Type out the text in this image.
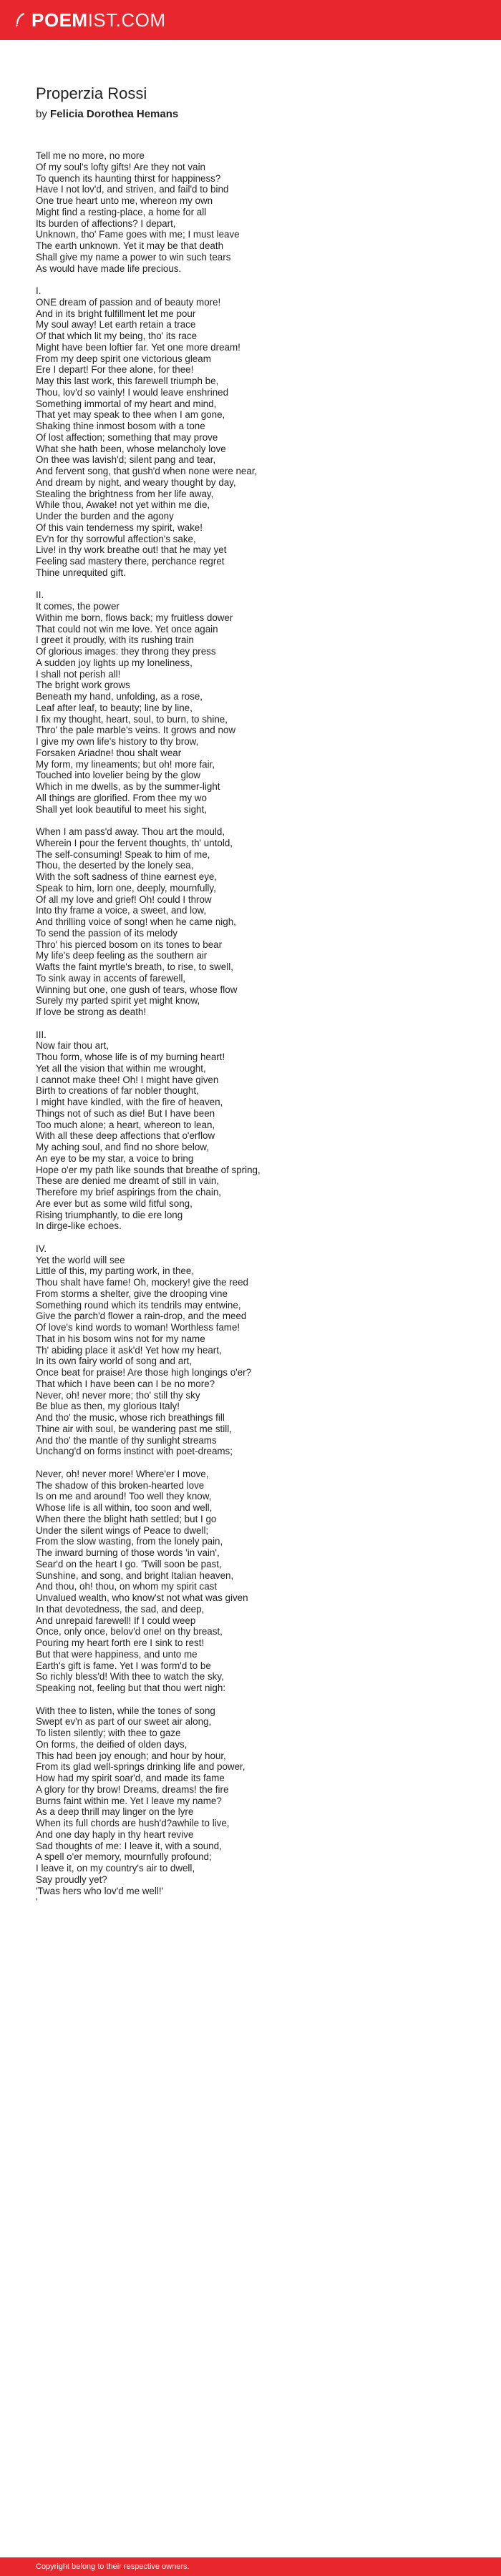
POEM IST.COM
Properzia Rossi

by Felicia Dorothea Hemans

Tell me no more, no more
Of my soul's lofty gifts! Are they not vain
To quench its haunting thirst for happiness?
Have I not lov'd, and striven, and fail'd to bind
One true heart unto me, whereon my own
Might find a resting-place, a home for all
Its burden of affections? I depart,
Unknown, tho' Fame goes with me; I must leave
The earth unknown. Yet it may be that death
Shall give my name a power to win such tears
As would have made life precious.
I.
ONE dream of passion and of beauty more!
And in its bright fulfillment let me pour
My soul away! Let earth retain a trace
Of that which lit my being, tho' its race
Might have been loftier far. Yet one more dream!
From my deep spirit one victorious gleam
Ere I depart! For thee alone, for thee!
May this last work, this farewell triumph be,
Thou, lov'd so vainly! I would leave enshrined
Something immortal of my heart and mind,
That yet may speak to thee when I am gone,
Shaking thine inmost bosom with a tone
Of lost affection; something that may prove
What she hath been, whose melancholy love
On thee was lavish'd; silent pang and tear,
And fervent song, that gush'd when none were near,
And dream by night, and weary thought by day,
Stealing the brightness from her life away,
While thou, Awake! not yet within me die,
Under the burden and the agony
Of this vain tenderness my spirit, wake!
Ev'n for thy sorrowful affection's sake,
Live! in thy work breathe out! that he may yet
Feeling sad mastery there, perchance regret
Thine unrequited gift.
II.
It comes, the power
Within me born, flows back; my fruitless dower
That could not win me love. Yet once again
I greet it proudly, with its rushing train
Of glorious images: they throng they press
A sudden joy lights up my loneliness,
I shall not perish all!
The bright work grows
Beneath my hand, unfolding, as a rose,
Leaf after leaf, to beauty; line by line,
I fix my thought, heart, soul, to burn, to shine,
Thro' the pale marble's veins. It grows and now
I give my own life's history to thy brow,
Forsaken Ariadne! thou shalt wear
My form, my lineaments; but oh! more fair,
Touched into lovelier being by the glow
Which in me dwells, as by the summer-light
All things are glorified. From thee my wo
Shall yet look beautiful to meet his sight,
When I am pass'd away. Thou art the mould,
Wherein I pour the fervent thoughts, th' untold,
The self-consuming! Speak to him of me,
Thou, the deserted by the lonely sea,
With the soft sadness of thine earnest eye,
Speak to him, lorn one, deeply, mournfully,
Of all my love and grief! Oh! could I throw
Into thy frame a voice, a sweet, and low,
And thrilling voice of song! when he came nigh,
To send the passion of its melody
Thro' his pierced bosom on its tones to bear
My life's deep feeling as the southern air
Wafts the faint myrtle's breath, to rise, to swell,
To sink away in accents of farewell,
Winning but one, one gush of tears, whose flow
Surely my parted spirit yet might know,
If love be strong as death!
III.
Now fair thou art,
Thou form, whose life is of my burning heart!
Yet all the vision that within me wrought,
I cannot make thee! Oh! I might have given
Birth to creations of far nobler thought,
I might have kindled, with the fire of heaven,
Things not of such as die! But I have been
Too much alone; a heart, whereon to lean,
With all these deep affections that o'erflow
My aching soul, and find no shore below,
An eye to be my star, a voice to bring
Hope o'er my path like sounds that breathe of spring,
These are denied me dreamt of still in vain,
Therefore my brief aspirings from the chain,
Are ever but as some wild fitful song,
Rising triumphantly, to die ere long
In dirge-like echoes.
IV.
Yet the world will see
Little of this, my parting work, in thee,
Thou shalt have fame! Oh, mockery! give the reed
From storms a shelter, give the drooping vine
Something round which its tendrils may entwine,
Give the parch'd flower a rain-drop, and the meed
Of love's kind words to woman! Worthless fame!
That in his bosom wins not for my name
Th' abiding place it ask'd! Yet how my heart,
In its own fairy world of song and art,
Once beat for praise! Are those high longings o'er?
That which I have been can I be no more?
Never, oh! never more; tho' still thy sky
Be blue as then, my glorious Italy!
And tho' the music, whose rich breathings fill
Thine air with soul, be wandering past me still,
And tho' the mantle of thy sunlight streams
Unchang'd on forms instinct with poet-dreams;
Never, oh! never more! Where'er I move,
The shadow of this broken-hearted love
Is on me and around! Too well they know,
Whose life is all within, too soon and well,
When there the blight hath settled; but I go
Under the silent wings of Peace to dwell;
From the slow wasting, from the lonely pain,
The inward burning of those words 'in vain',
Sear'd on the heart I go. 'Twill soon be past,
Sunshine, and song, and bright Italian heaven,
And thou, oh! thou, on whom my spirit cast
Unvalued wealth, who know'st not what was given
In that devotedness, the sad, and deep,
And unrepaid farewell! If I could weep
Once, only once, belov'd one! on thy breast,
Pouring my heart forth ere I sink to rest!
But that were happiness, and unto me
Earth's gift is fame. Yet I was form'd to be
So richly bless'd! With thee to watch the sky,
Speaking not, feeling but that thou wert nigh:
With thee to listen, while the tones of song
Swept ev'n as part of our sweet air along,
To listen silently; with thee to gaze
On forms, the deified of olden days,
This had been joy enough; and hour by hour,
From its glad well-springs drinking life and power,
How had my spirit soar'd, and made its fame
A glory for thy brow! Dreams, dreams! the fire
Burns faint within me. Yet I leave my name?
As a deep thrill may linger on the lyre
When its full chords are hush'd?awhile to live,
And one day haply in thy heart revive
Sad thoughts of me: I leave it, with a sound,
A spell o'er memory, mournfully profound;
I leave it, on my country's air to dwell,
Say proudly yet?
'Twas hers who lov'd me well!'
'
Copyright belong to their respective owners.
